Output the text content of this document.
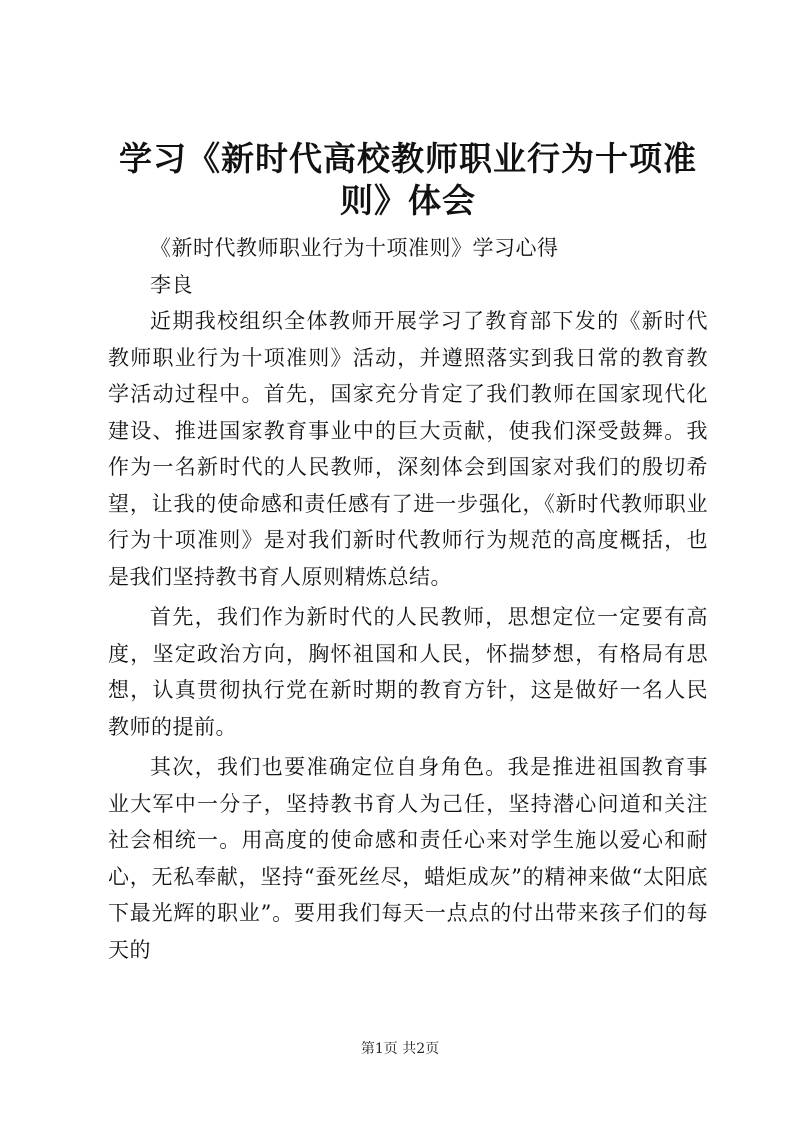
学习《新时代高校教师职业行为十项准则》体会

《新时代教师职业行为十项准则》学习心得

李良

近期我校组织全体教师开展学习了教育部下发的《新时代教师职业行为十项准则》活动，并遵照落实到我日常的教育教学活动过程中。首先，国家充分肯定了我们教师在国家现代化建设、推进国家教育事业中的巨大贡献，使我们深受鼓舞。我作为一名新时代的人民教师，深刻体会到国家对我们的殷切希望，让我的使命感和责任感有了进一步强化，《新时代教师职业行为十项准则》是对我们新时代教师行为规范的高度概括，也是我们坚持教书育人原则精炼总结。

首先，我们作为新时代的人民教师，思想定位一定要有高度，坚定政治方向，胸怀祖国和人民，怀揣梦想，有格局有思想，认真贯彻执行党在新时期的教育方针，这是做好一名人民教师的提前。

其次，我们也要准确定位自身角色。我是推进祖国教育事业大军中一分子，坚持教书育人为己任，坚持潜心问道和关注社会相统一。用高度的使命感和责任心来对学生施以爱心和耐心，无私奉献，坚持“蚕死丝尽，蜡炬成灰”的精神来做“太阳底下最光辉的职业”。要用我们每天一点点的付出带来孩子们的每天的

第1页 共2页
